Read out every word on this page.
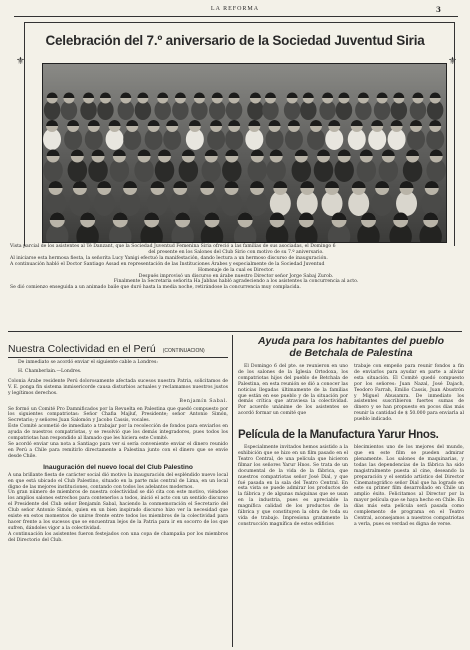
LA REFORMA	3
⚜	⚜
Celebración del 7.º aniversario de la Sociedad Juventud Siria
Vista parcial de los asistentes al Té Danzant, que la Sociedad Juventud Femenina Siria ofreció a las familias de sus asociadas, el Domingo 6
del presente en los Salones del Club Sirio con motivo de su 7.º aniversario.
Al iniciarse esta hermosa fiesta, la señorita Lucy Yanigi efectuó la manifestación, dando lectura a un hermoso discurso de inauguración.
A continuación habló el Doctor Santiago Assad en representación de las Instituciones Árabes y especialmente de la Sociedad Juventud
Homenaje de la cual es Director.
Después improvisó un discurso en árabe nuestro Director señor Jorge Sabaj Zurob.
Finalmente la Secretaria señorita Ha Jabbas habló agradeciendo a los asistentes la concurrencia al acto.
Se dió comienzo enseguida a un animado baile que duró hasta la media noche, retirándose la concurrencia muy complacida.
Nuestra Colectividad en el Perú (CONTINUACION)
De inmediato se acordó enviar el siguiente cable a Londres:
H. Chamberlain.—Londres.
Colonia Árabe residente Perú dolorosamente afectada sucesos nuestra Patria, solicitamos de V. E. ponga fin sistema inmisericorde causa disturbios actuales y reclamamos nuestros justos y legítimos derechos.
Benjamín Sabal.
Se formó un Comité Pro Damnificados por la Revuelta en Palestina que quedó compuesto por los siguientes compatriotas: Señor Chafia Majluf, Presidente; señor Antonio Simón, Secretario; y señores Juan Salomón y Jacobo Cassis, vocales.
Este Comité acometió de inmediato a trabajar por la recolección de fondos para enviarlos en ayuda de nuestros compatriotas, y se resolvió que los demás integradores, pues todos los compatriotas han respondido al llamado que les hiciera este Comité.
Se acordó enviar una nota a Santiago para ver si sería conveniente enviar el dinero reunido en Perú a Chile para remitirlo directamente a Palestina junto con el dinero que se envíe desde Chile.
Inauguración del nuevo local del Club Palestino
A una brillante fiesta de carácter social dió motivo la inauguración del espléndido nuevo local en que está ubicado el Club Palestino, situado en la parte más central de Lima, en un local digno de las mejores instituciones, contando con todos los adelantos modernos.
Un gran número de miembros de nuestra colectividad se dió cita con este motivo, viéndose los amplios salones estrechos para contenerlos a todos, inició el acto con un sentido discurso el Presidente del Club señor Benjamín Sabal, haciendo la conmemoración el Secretario del Club señor Antonio Simón, quien en un bien inspirado discurso hizo ver la necesidad que existe en estos momentos de unirse frente entre todos los miembros de la colectividad para hacer frente a los sucesos que se encuentran lejos de la Patria para ir en socorro de los que sufren, dándoles vigor a la colectividad.
A continuación los asistentes fueron festejados con una copa de champaña por los miembros del Directorio del Club.
Ayuda para los habitantes del pueblo
de Betchala de Palestina
El Domingo 6 del pte. se reunieron en uno de los salones de la Iglesia Ortodoxa, los compatriotas hijos del pueblo de Betchala de Palestina, en esta reunión se dió a conocer las noticias llegadas últimamente de la familias que están en ese pueblo y de la situación por demás crítica que atraviesa la colectividad. Por acuerdo unánime de los asistentes se acordó formar un comité que
trabaje con empeño para reunir fondos a fin de enviarlos para ayudar en parte a aliviar esta situación. El Comité quedó compuesto por los señores: Juan Nazal, José Dajach, Teodoro Farrah, Emilio Cassis, Juan Abustrón y Miguel Abusamra. De inmediato los asistentes suscribieron fuertes sumas de dinero y se han propuesto en pocos días más reunir la cantidad de $ 50.000 para enviarla al pueblo indicado.
Película de la Manufactura Yarur Hnos.
Especialmente invitados hemos asistido a la exhibición que se hizo en un film pasado en el Teatro Central, de una película que hicieron filmar los señores Yarur Hnos. Se trata de un documental de la vida de la fábrica, que nuestros compatriotas señor José Dial, y que fué pasada en la sala del Teatro Central. En esta vista se puede admirar los productos de la fábrica y de algunas máquinas que se usan en la industria, pues es apreciable la magnífica calidad de los productos de la fábrica y que constituyen la obra de toda su vida de trabajo. Impresiona gratamente la construcción magnífica de estos edificios
blecimientos uno de los mejores del mundo, que en este film se pueden admirar plenamente. Los salones de maquinarias, y todas las dependencias de la fábrica ha sido magistralmente puesta al cine, deseando la preparación y el sentido artístico del Director Cinematográfico señor Dial que ha logrado en este su primer film desarrollado en Chile un amplio éxito. Felicitamos al Director por la mayor película que se haya hecho en Chile. En días más esta película será pasada como complemento de programa en el Teatro Central, aconsejamos a nuestros compatriotas a verla, pues es verdad es digna de verse.
